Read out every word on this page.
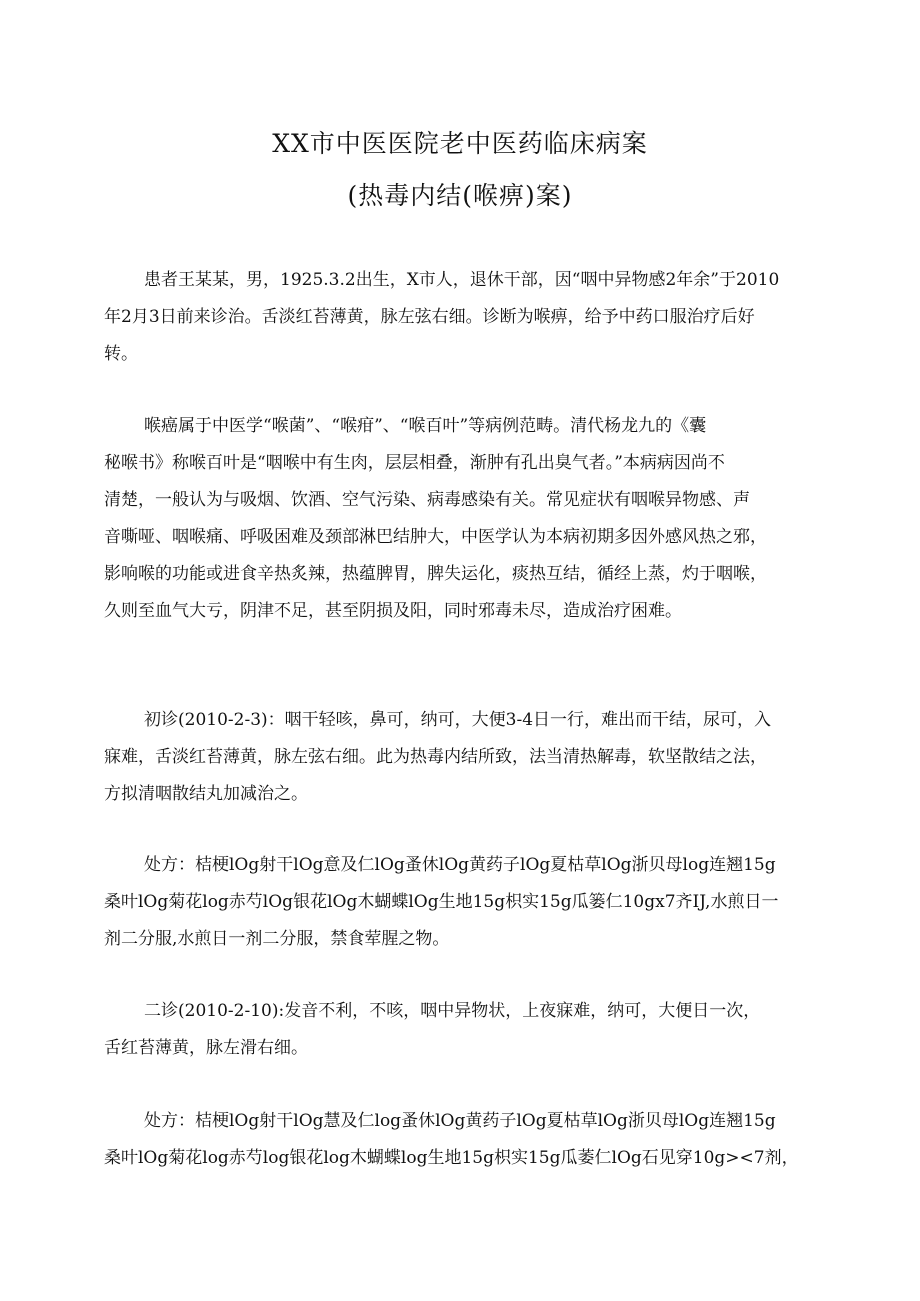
XX市中医医院老中医药临床病案
(热毒内结(喉痹)案)
患者王某某，男，1925.3.2出生，X市人，退休干部，因“咽中异物感2年余”于2010
年2月3日前来诊治。舌淡红苔薄黄，脉左弦右细。诊断为喉痹，给予中药口服治疗后好
转。
喉癌属于中医学“喉菌”、“喉疳”、“喉百叶”等病例范畴。清代杨龙九的《囊
秘喉书》称喉百叶是“咽喉中有生肉，层层相叠，渐肿有孔出臭气者。”本病病因尚不
清楚，一般认为与吸烟、饮酒、空气污染、病毒感染有关。常见症状有咽喉异物感、声
音嘶哑、咽喉痛、呼吸困难及颈部淋巴结肿大，中医学认为本病初期多因外感风热之邪，
影响喉的功能或进食辛热炙辣，热蕴脾胃，脾失运化，痰热互结，循经上蒸，灼于咽喉，
久则至血气大亏，阴津不足，甚至阴损及阳，同时邪毒未尽，造成治疗困难。
初诊(2010-2-3)：咽干轻咳，鼻可，纳可，大便3-4日一行，难出而干结，尿可，入
寐难，舌淡红苔薄黄，脉左弦右细。此为热毒内结所致，法当清热解毒，软坚散结之法，
方拟清咽散结丸加减治之。
处方：桔梗lOg射干lOg意及仁lOg蚤休lOg黄药子lOg夏枯草lOg浙贝母log连翘15g
桑叶lOg菊花log赤芍lOg银花lOg木蝴蝶lOg生地15g枳实15g瓜篓仁10gx7齐IJ,水煎日一
剂二分服,水煎日一剂二分服，禁食荤腥之物。
二诊(2010-2-10):发音不利，不咳，咽中异物状，上夜寐难，纳可，大便日一次，
舌红苔薄黄，脉左滑右细。
处方：桔梗lOg射干lOg慧及仁log蚤休lOg黄药子lOg夏枯草lOg浙贝母lOg连翘15g
桑叶lOg菊花log赤芍log银花log木蝴蝶log生地15g枳实15g瓜萎仁lOg石见穿10g><7剂，
